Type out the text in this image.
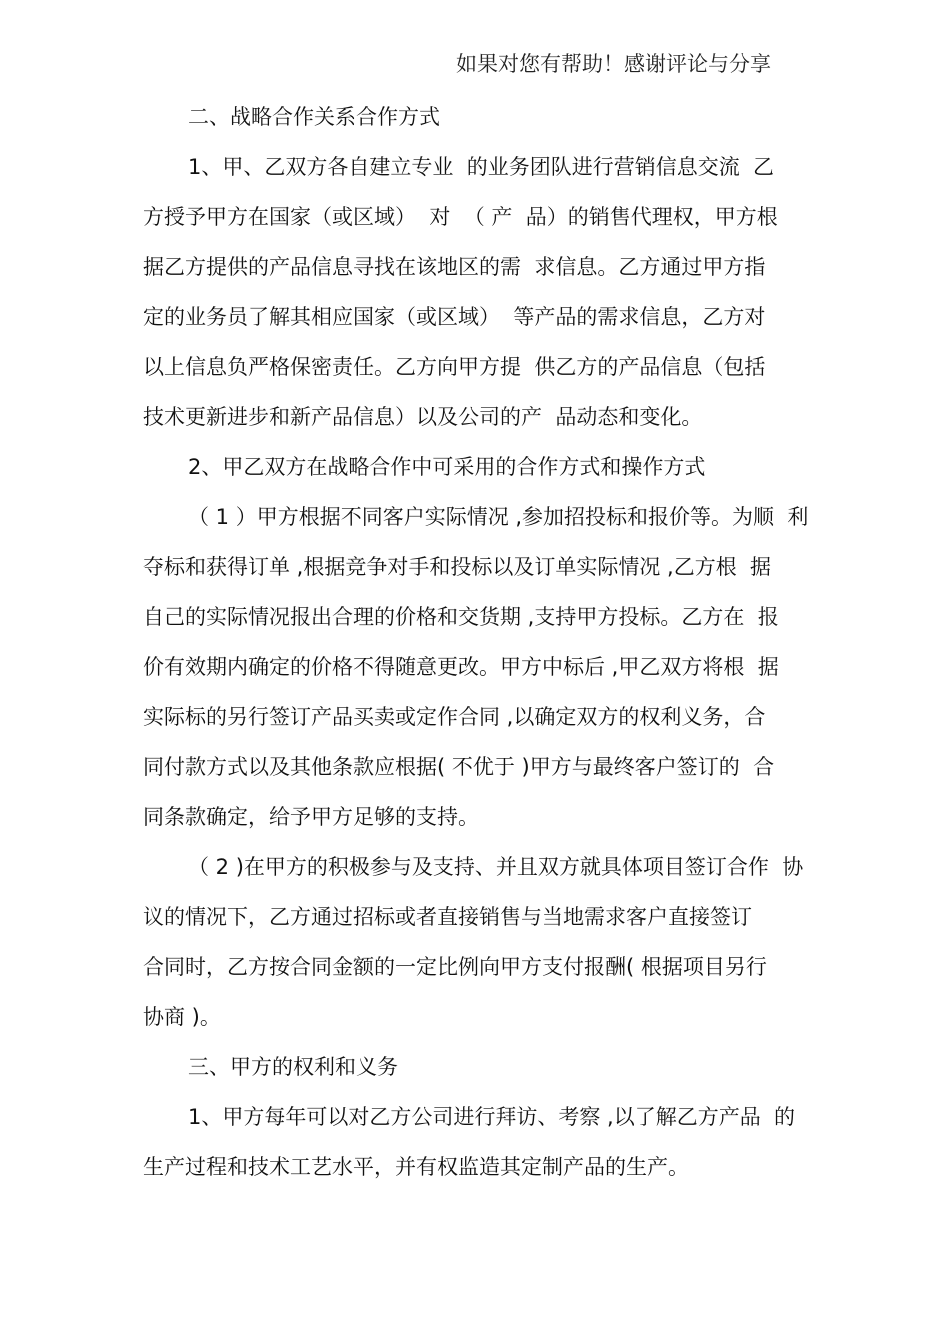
如果对您有帮助！感谢评论与分享
二、战略合作关系合作方式
1、甲、乙双方各自建立专业  的业务团队进行营销信息交流  乙
方授予甲方在国家（或区域）  对  （ 产  品）的销售代理权，甲方根
据乙方提供的产品信息寻找在该地区的需  求信息。乙方通过甲方指
定的业务员了解其相应国家（或区域）  等产品的需求信息，乙方对
以上信息负严格保密责任。乙方向甲方提  供乙方的产品信息（包括
技术更新进步和新产品信息）以及公司的产  品动态和变化。
2、甲乙双方在战略合作中可采用的合作方式和操作方式
（ 1 ）甲方根据不同客户实际情况 ,参加招投标和报价等。为顺  利
夺标和获得订单 ,根据竞争对手和投标以及订单实际情况 ,乙方根  据
自己的实际情况报出合理的价格和交货期 ,支持甲方投标。乙方在  报
价有效期内确定的价格不得随意更改。甲方中标后 ,甲乙双方将根  据
实际标的另行签订产品买卖或定作合同 ,以确定双方的权利义务，合
同付款方式以及其他条款应根据( 不优于 )甲方与最终客户签订的  合
同条款确定，给予甲方足够的支持。
（ 2 )在甲方的积极参与及支持、并且双方就具体项目签订合作  协
议的情况下，乙方通过招标或者直接销售与当地需求客户直接签订
合同时，乙方按合同金额的一定比例向甲方支付报酬( 根据项目另行
协商 )。
三、甲方的权利和义务
1、甲方每年可以对乙方公司进行拜访、考察 ,以了解乙方产品  的
生产过程和技术工艺水平，并有权监造其定制产品的生产。
